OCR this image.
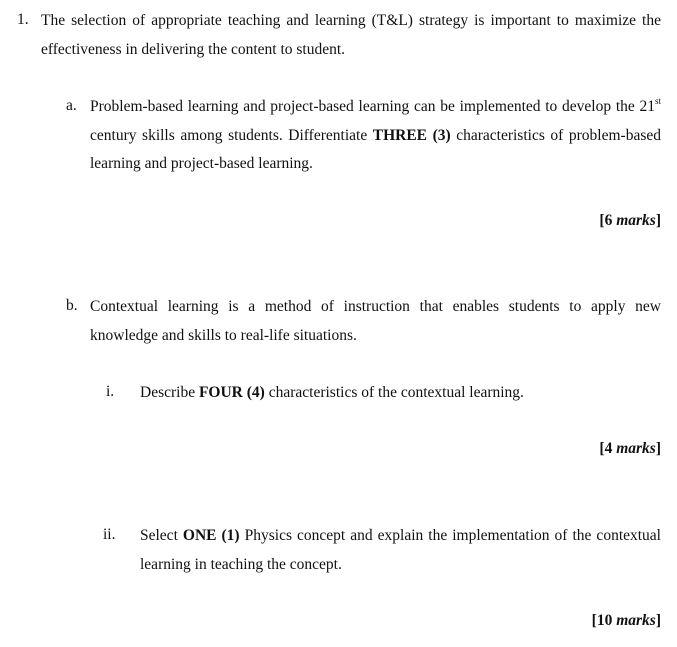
1. The selection of appropriate teaching and learning (T&L) strategy is important to maximize the effectiveness in delivering the content to student.
a. Problem-based learning and project-based learning can be implemented to develop the 21st century skills among students. Differentiate THREE (3) characteristics of problem-based learning and project-based learning.
[6 marks]
b. Contextual learning is a method of instruction that enables students to apply new knowledge and skills to real-life situations.
i. Describe FOUR (4) characteristics of the contextual learning.
[4 marks]
ii. Select ONE (1) Physics concept and explain the implementation of the contextual learning in teaching the concept.
[10 marks]
